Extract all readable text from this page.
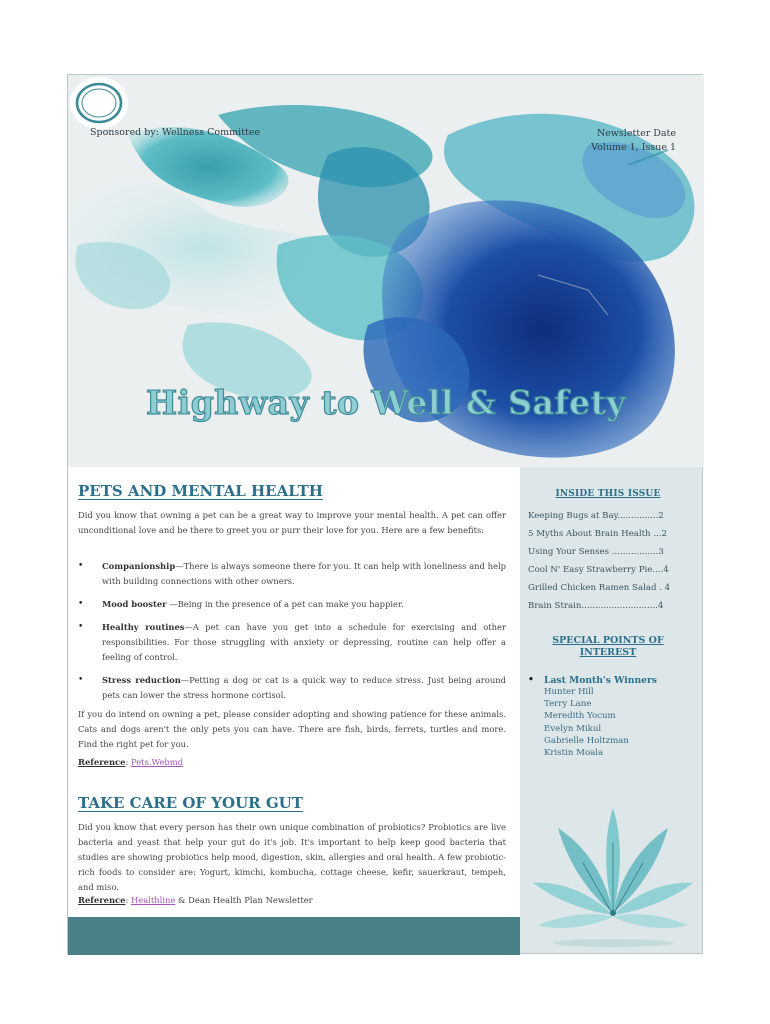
Sponsored by: Wellness Committee	Newsletter Date
Volume 1, Issue 1
Highway to Well & Safety
PETS AND MENTAL HEALTH
Did you know that owning a pet can be a great way to improve your mental health. A pet can offer unconditional love and be there to greet you or purr their love for you. Here are a few benefits:
• Companionship—There is always someone there for you. It can help with loneliness and help with building connections with other owners.
• Mood booster —Being in the presence of a pet can make you happier.
• Healthy routines—A pet can have you get into a schedule for exercising and other responsibilities. For those struggling with anxiety or depressing, routine can help offer a feeling of control.
• Stress reduction—Petting a dog or cat is a quick way to reduce stress. Just being around pets can lower the stress hormone cortisol.
If you do intend on owning a pet, please consider adopting and showing patience for these animals. Cats and dogs aren't the only pets you can have. There are fish, birds, ferrets, turtles and more. Find the right pet for you.
Reference: Pets.Webmd
TAKE CARE OF YOUR GUT
Did you know that every person has their own unique combination of probiotics? Probiotics are live bacteria and yeast that help your gut do it's job. It's important to help keep good bacteria that studies are showing probiotics help mood, digestion, skin, allergies and oral health. A few probiotic-rich foods to consider are: Yogurt, kimchi, kombucha, cottage cheese, kefir, sauerkraut, tempeh, and miso.
Reference: Healthline & Dean Health Plan Newsletter
INSIDE THIS ISSUE
Keeping Bugs at Bay...............2
5 Myths About Brain Health ...2
Using Your Senses .................3
Cool N' Easy Strawberry Pie....4
Grilled Chicken Ramen Salad . 4
Brain Strain............................4
SPECIAL POINTS OF
INTEREST
• Last Month's Winners
Hunter Hill
Terry Lane
Meredith Yocum
Evelyn Mikul
Gabrielle Holtzman
Kristin Moala
